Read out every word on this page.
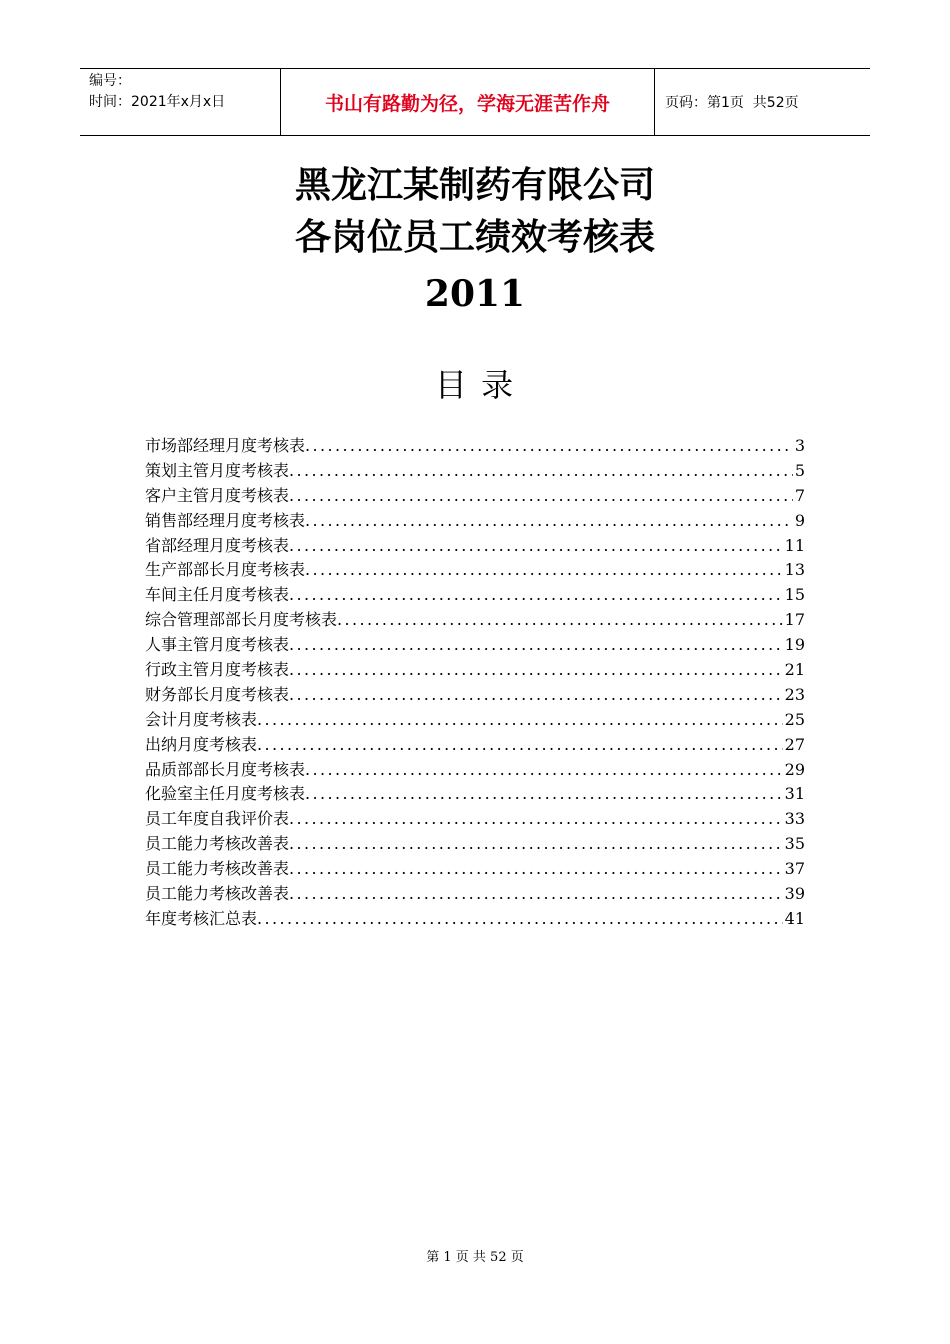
编号：
时间：2021年x月x日	书山有路勤为径，学海无涯苦作舟	页码：第1页  共52页
黑龙江某制药有限公司
各岗位员工绩效考核表
2011
目 录
市场部经理月度考核表 .....	3
策划主管月度考核表 .....	5
客户主管月度考核表 .....	7
销售部经理月度考核表 .....	9
省部经理月度考核表 .....	11
生产部部长月度考核表 .....	13
车间主任月度考核表 .....	15
综合管理部部长月度考核表 .....	17
人事主管月度考核表 .....	19
行政主管月度考核表 .....	21
财务部长月度考核表 .....	23
会计月度考核表 .....	25
出纳月度考核表 .....	27
品质部部长月度考核表 .....	29
化验室主任月度考核表 .....	31
员工年度自我评价表 .....	33
员工能力考核改善表 .....	35
员工能力考核改善表 .....	37
员工能力考核改善表 .....	39
年度考核汇总表 .....	41
第 1 页 共 52 页
